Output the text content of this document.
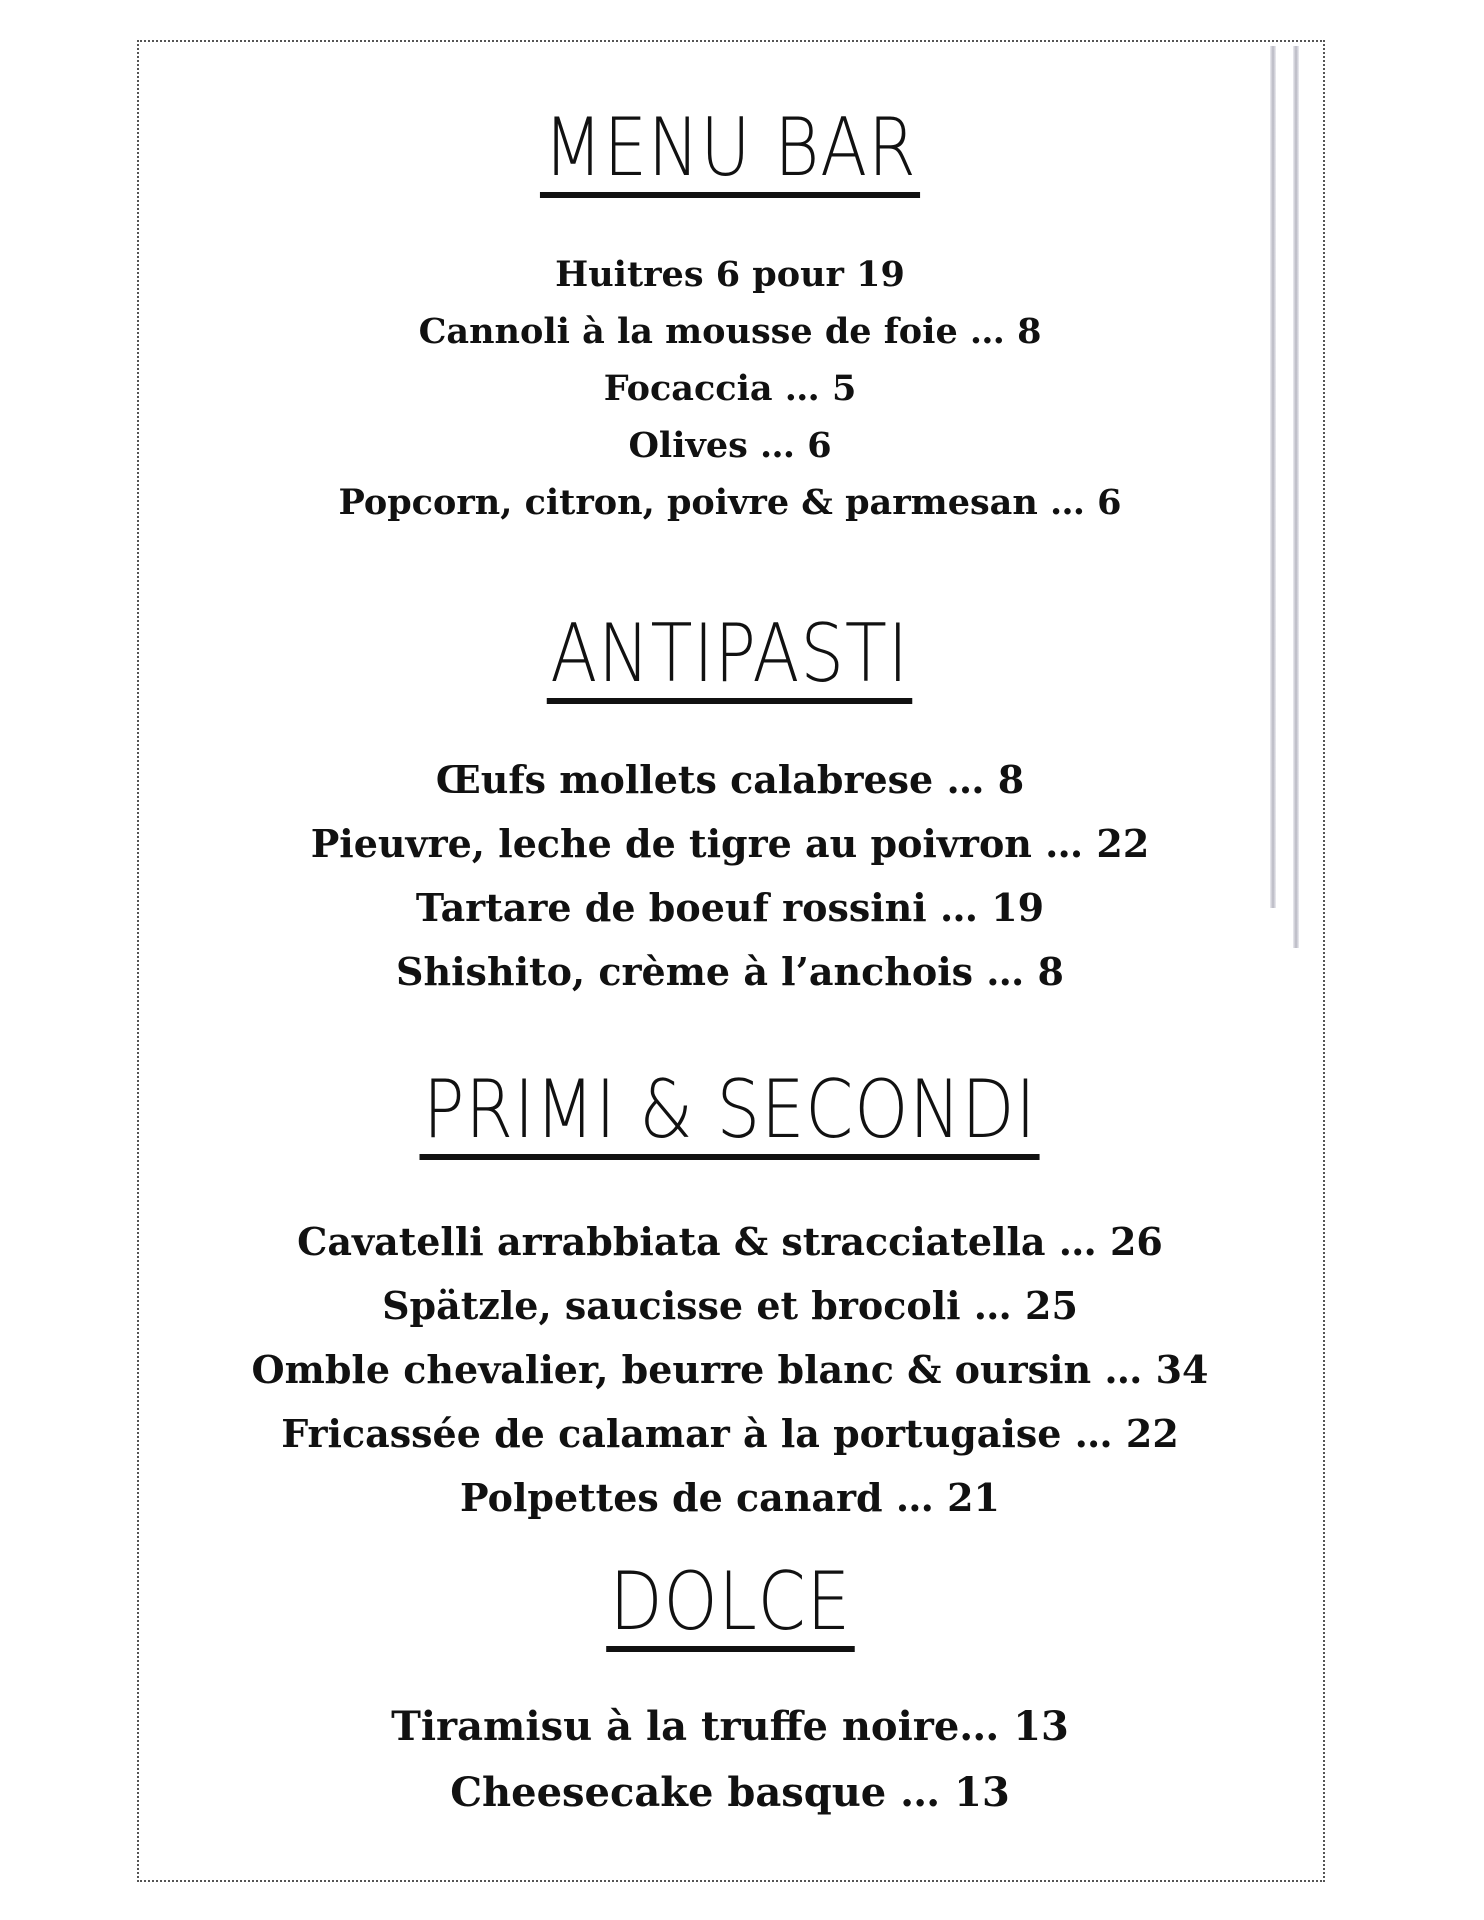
MENU BAR
Huitres 6 pour 19
Cannoli à la mousse de foie … 8
Focaccia … 5
Olives … 6
Popcorn, citron, poivre & parmesan … 6
ANTIPASTI
Œufs mollets calabrese … 8
Pieuvre, leche de tigre au poivron … 22
Tartare de boeuf rossini … 19
Shishito, crème à l’anchois … 8
PRIMI & SECONDI
Cavatelli arrabbiata & stracciatella … 26
Spätzle, saucisse et brocoli … 25
Omble chevalier, beurre blanc & oursin … 34
Fricassée de calamar à la portugaise … 22
Polpettes de canard … 21
DOLCE
Tiramisu à la truffe noire… 13
Cheesecake basque … 13
